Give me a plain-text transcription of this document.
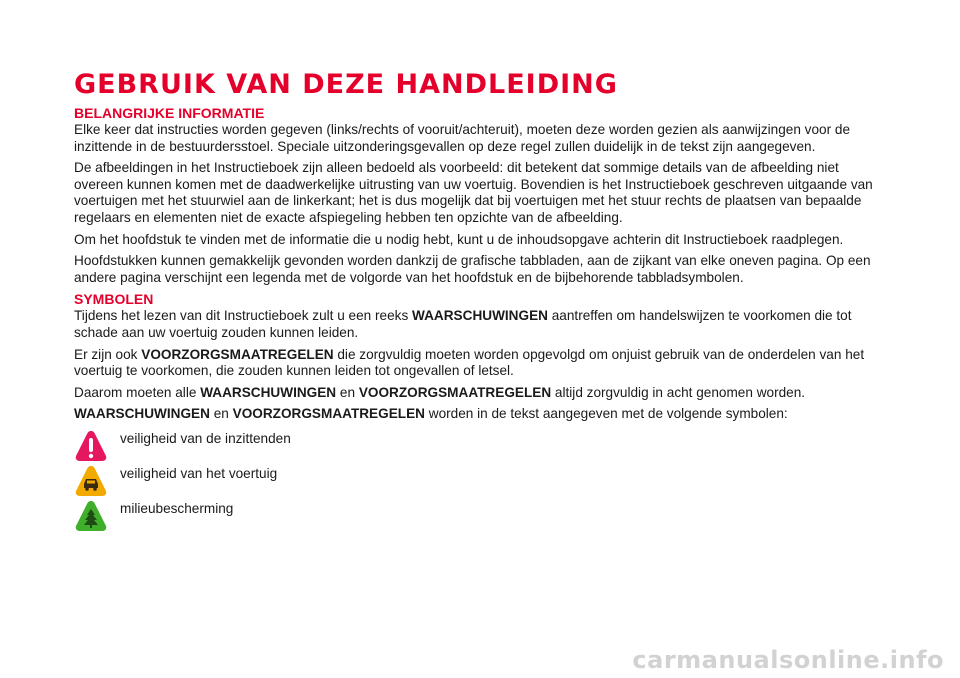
GEBRUIK VAN DEZE HANDLEIDING
BELANGRIJKE INFORMATIE

Elke keer dat instructies worden gegeven (links/rechts of vooruit/achteruit), moeten deze worden gezien als aanwijzingen voor de inzittende in de bestuurdersstoel. Speciale uitzonderingsgevallen op deze regel zullen duidelijk in de tekst zijn aangegeven.

De afbeeldingen in het Instructieboek zijn alleen bedoeld als voorbeeld: dit betekent dat sommige details van de afbeelding niet overeen kunnen komen met de daadwerkelijke uitrusting van uw voertuig. Bovendien is het Instructieboek geschreven uitgaande van voertuigen met het stuurwiel aan de linkerkant; het is dus mogelijk dat bij voertuigen met het stuur rechts de plaatsen van bepaalde regelaars en elementen niet de exacte afspiegeling hebben ten opzichte van de afbeelding.

Om het hoofdstuk te vinden met de informatie die u nodig hebt, kunt u de inhoudsopgave achterin dit Instructieboek raadplegen.

Hoofdstukken kunnen gemakkelijk gevonden worden dankzij de grafische tabbladen, aan de zijkant van elke oneven pagina. Op een andere pagina verschijnt een legenda met de volgorde van het hoofdstuk en de bijbehorende tabbladsymbolen.

SYMBOLEN

Tijdens het lezen van dit Instructieboek zult u een reeks WAARSCHUWINGEN aantreffen om handelswijzen te voorkomen die tot schade aan uw voertuig zouden kunnen leiden.

Er zijn ook VOORZORGSMAATREGELEN die zorgvuldig moeten worden opgevolgd om onjuist gebruik van de onderdelen van het voertuig te voorkomen, die zouden kunnen leiden tot ongevallen of letsel.

Daarom moeten alle WAARSCHUWINGEN en VOORZORGSMAATREGELEN altijd zorgvuldig in acht genomen worden.

WAARSCHUWINGEN en VOORZORGSMAATREGELEN worden in de tekst aangegeven met de volgende symbolen:

veiligheid van de inzittenden
veiligheid van het voertuig
milieubescherming
carmanualsonline.info
